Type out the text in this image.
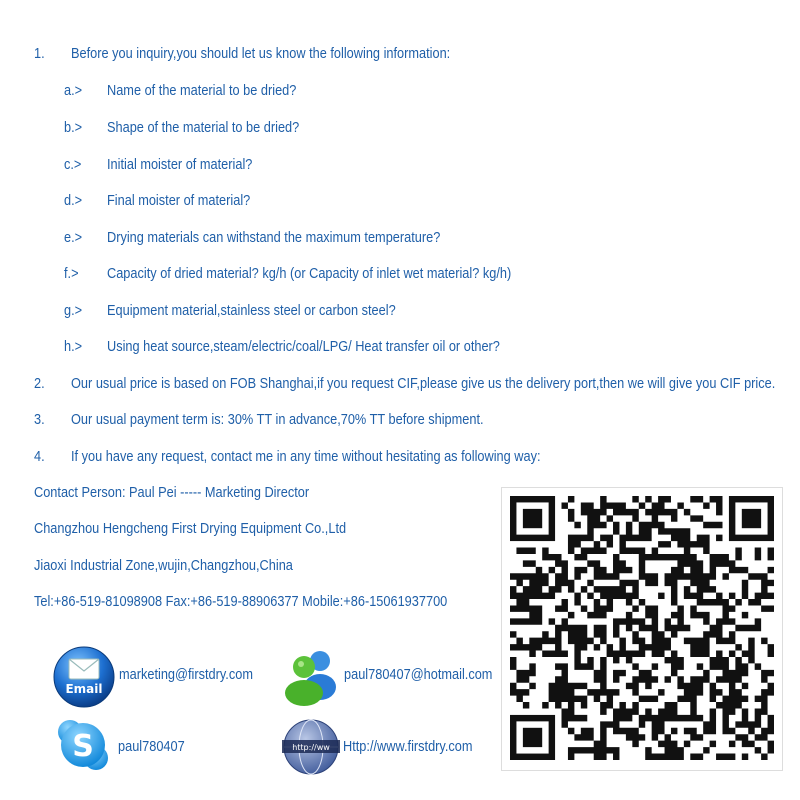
1. Before you inquiry,you should let us know the following information:
a.> Name of the material to be dried?
b.> Shape of the material to be dried?
c.> Initial moister of material?
d.> Final moister of material?
e.> Drying materials can withstand the maximum temperature?
f.> Capacity of dried material? kg/h (or Capacity of inlet wet material? kg/h)
g.> Equipment material,stainless steel or carbon steel?
h.> Using heat source,steam/electric/coal/LPG/ Heat transfer oil or other?
2. Our usual price is based on FOB Shanghai,if you request CIF,please give us the delivery port,then we will give you CIF price.
3. Our usual payment term is: 30% TT in advance,70% TT before shipment.
4. If you have any request, contact me in any time without hesitating as following way:
Contact Person: Paul Pei ----- Marketing Director
Changzhou Hengcheng First Drying Equipment Co.,Ltd
Jiaoxi Industrial Zone,wujin,Changzhou,China
Tel:+86-519-81098908 Fax:+86-519-88906377 Mobile:+86-15061937700
Email
marketing@firstdry.com	paul780407@hotmail.com
S paul780407	http://ww Http://www.firstdry.com
